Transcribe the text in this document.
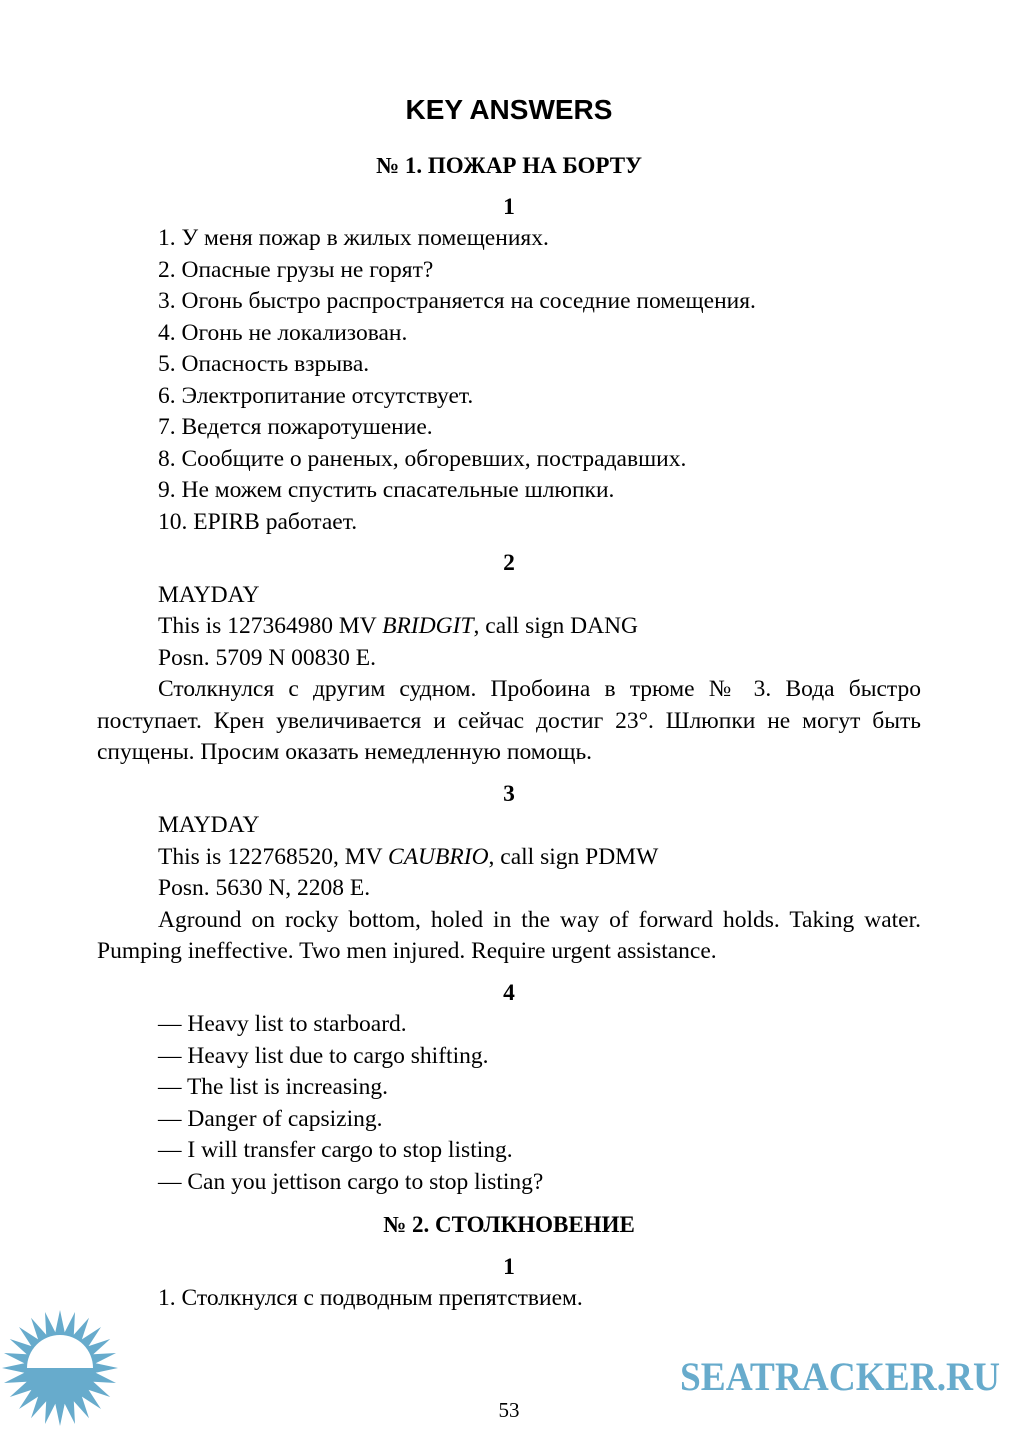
KEY ANSWERS
№ 1. ПОЖАР НА БОРТУ
1
1. У меня пожар в жилых помещениях.
2. Опасные грузы не горят?
3. Огонь быстро распространяется на соседние помещения.
4. Огонь не локализован.
5. Опасность взрыва.
6. Электропитание отсутствует.
7. Ведется пожаротушение.
8. Сообщите о раненых, обгоревших, пострадавших.
9. Не можем спустить спасательные шлюпки.
10. EPIRB работает.
2
MAYDAY
This is 127364980 MV BRIDGIT, call sign DANG
Posn. 5709 N 00830 E.
Столкнулся с другим судном. Пробоина в трюме № 3. Вода быстро поступает. Крен увеличивается и сейчас достиг 23°. Шлюпки не могут быть спущены. Просим оказать немедленную помощь.
3
MAYDAY
This is 122768520, MV CAUBRIO, call sign PDMW
Posn. 5630 N, 2208 E.
Aground on rocky bottom, holed in the way of forward holds. Taking water. Pumping ineffective. Two men injured. Require urgent assistance.
4
— Heavy list to starboard.
— Heavy list due to cargo shifting.
— The list is increasing.
— Danger of capsizing.
— I will transfer cargo to stop listing.
— Can you jettison cargo to stop listing?
№ 2. СТОЛКНОВЕНИЕ
1
1. Столкнулся с подводным препятствием.
53
SEATRACKER.RU
